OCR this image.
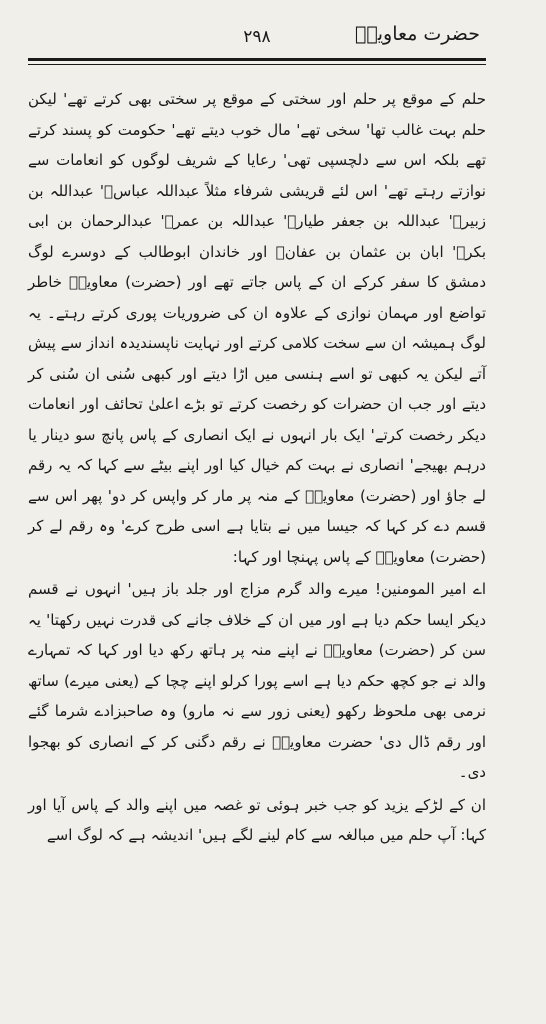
حضرت معاویہؓ
۲۹۸

حلم کے موقع پر حلم اور سختی کے موقع پر سختی بھی کرتے تھے' لیکن حلم بہت غالب تھا' سخی تھے' مال خوب دیتے تھے' حکومت کو پسند کرتے تھے بلکہ اس سے دلچسپی تھی' رعایا کے شریف لوگوں کو انعامات سے نوازتے رہتے تھے' اس لئے قریشی شرفاء مثلاً عبداللہ عباسؓ' عبداللہ بن زبیرؓ' عبداللہ بن جعفر طیارؓ' عبداللہ بن عمرؓ' عبدالرحمان بن ابی بکرؓ' ابان بن عثمان بن عفانؓ اور خاندان ابوطالب کے دوسرے لوگ دمشق کا سفر کرکے ان کے پاس جاتے تھے اور (حضرت) معاویہؓ خاطر تواضع اور مہمان نوازی کے علاوہ ان کی ضروریات پوری کرتے رہتے۔ یہ لوگ ہمیشہ ان سے سخت کلامی کرتے اور نہایت ناپسندیدہ انداز سے پیش آتے لیکن یہ کبھی تو اسے ہنسی میں اڑا دیتے اور کبھی سُنی ان سُنی کر دیتے اور جب ان حضرات کو رخصت کرتے تو بڑے اعلیٰ تحائف اور انعامات دیکر رخصت کرتے' ایک بار انہوں نے ایک انصاری کے پاس پانچ سو دینار یا درہم بھیجے' انصاری نے بہت کم خیال کیا اور اپنے بیٹے سے کہا کہ یہ رقم لے جاؤ اور (حضرت) معاویہؓ کے منہ پر مار کر واپس کر دو' پھر اس سے قسم دے کر کہا کہ جیسا میں نے بتایا ہے اسی طرح کرے' وہ رقم لے کر (حضرت) معاویہؓ کے پاس پہنچا اور کہا:

اے امیر المومنین! میرے والد گرم مزاج اور جلد باز ہیں' انہوں نے قسم دیکر ایسا حکم دیا ہے اور میں ان کے خلاف جانے کی قدرت نہیں رکھتا' یہ سن کر (حضرت) معاویہؓ نے اپنے منہ پر ہاتھ رکھ دیا اور کہا کہ تمہارے والد نے جو کچھ حکم دیا ہے اسے پورا کرلو اپنے چچا کے (یعنی میرے) ساتھ نرمی بھی ملحوظ رکھو (یعنی زور سے نہ مارو) وہ صاحبزادے شرما گئے اور رقم ڈال دی' حضرت معاویہؓ نے رقم دگنی کر کے انصاری کو بھجوا دی۔

ان کے لڑکے یزید کو جب خبر ہوئی تو غصہ میں اپنے والد کے پاس آیا اور کہا: آپ حلم میں مبالغہ سے کام لینے لگے ہیں' اندیشہ ہے کہ لوگ اسے
